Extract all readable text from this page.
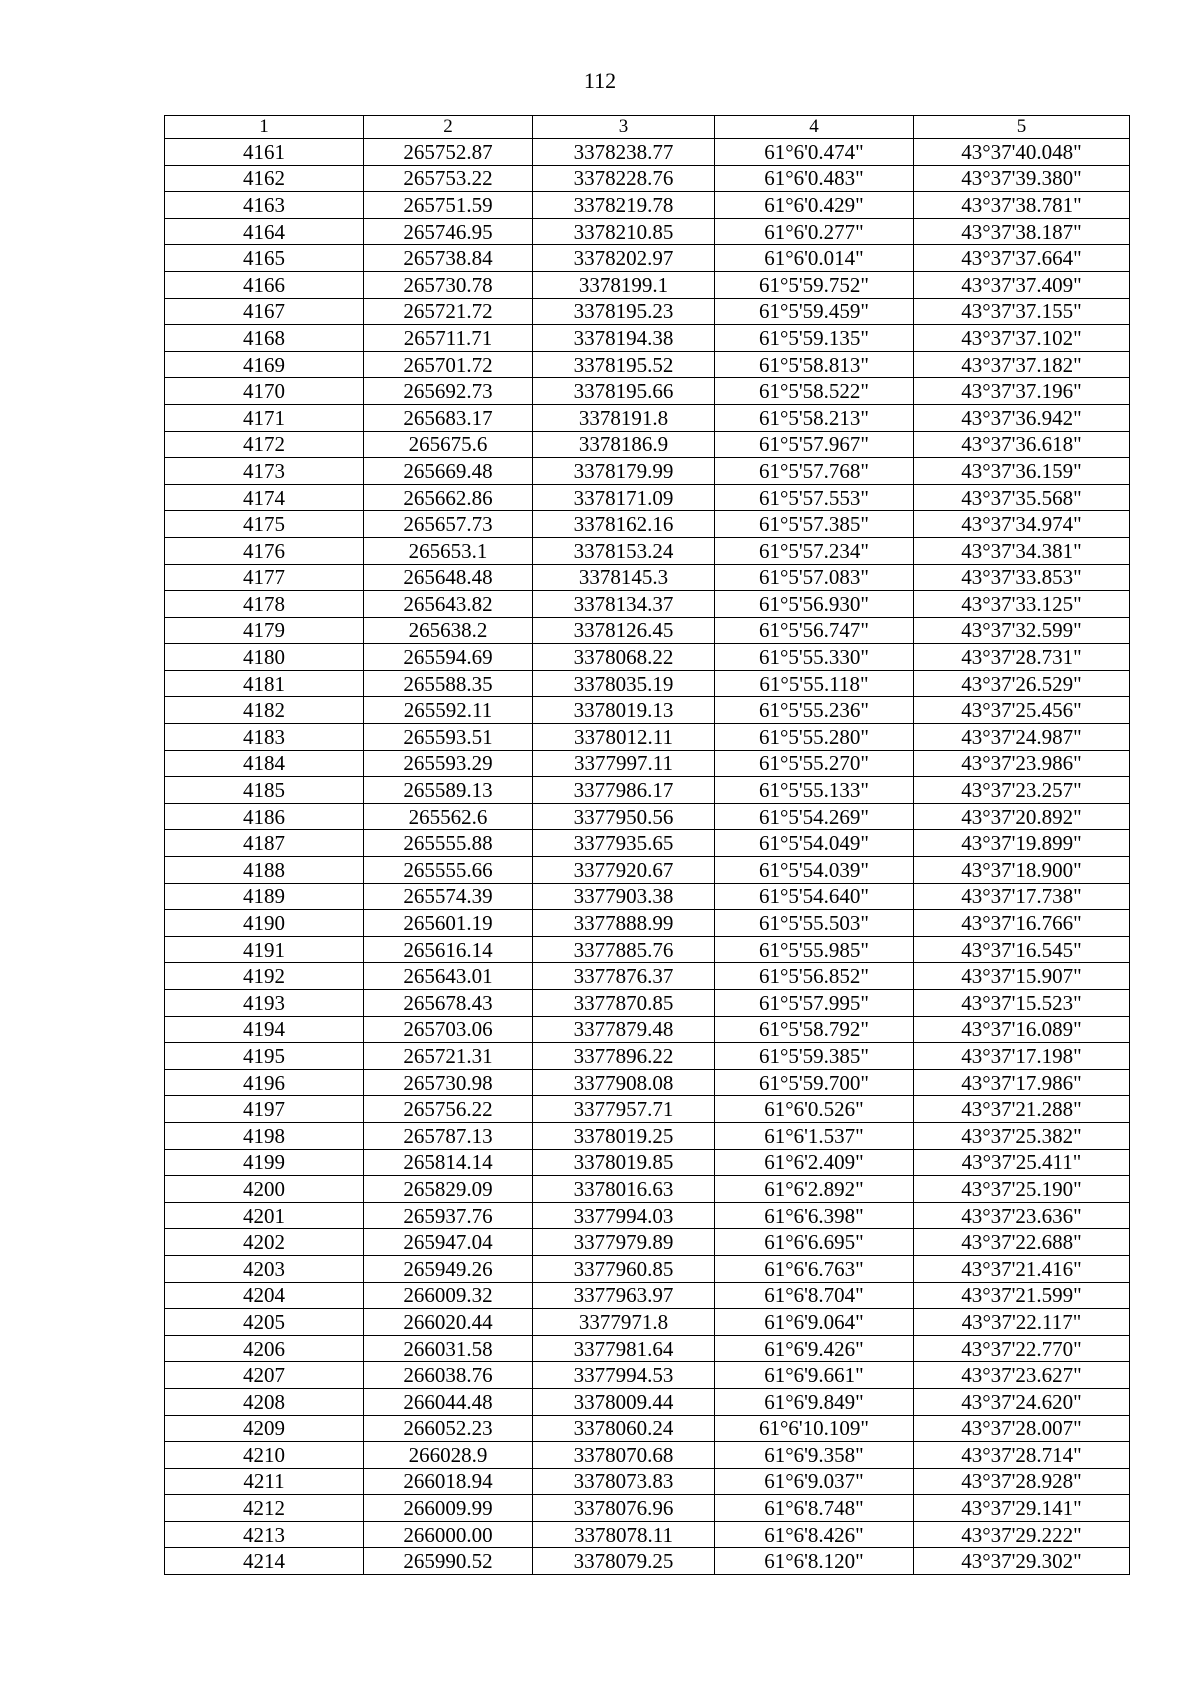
112
1	2	3	4	5
4161	265752.87	3378238.77	61°6'0.474"	43°37'40.048"
4162	265753.22	3378228.76	61°6'0.483"	43°37'39.380"
4163	265751.59	3378219.78	61°6'0.429"	43°37'38.781"
4164	265746.95	3378210.85	61°6'0.277"	43°37'38.187"
4165	265738.84	3378202.97	61°6'0.014"	43°37'37.664"
4166	265730.78	3378199.1	61°5'59.752"	43°37'37.409"
4167	265721.72	3378195.23	61°5'59.459"	43°37'37.155"
4168	265711.71	3378194.38	61°5'59.135"	43°37'37.102"
4169	265701.72	3378195.52	61°5'58.813"	43°37'37.182"
4170	265692.73	3378195.66	61°5'58.522"	43°37'37.196"
4171	265683.17	3378191.8	61°5'58.213"	43°37'36.942"
4172	265675.6	3378186.9	61°5'57.967"	43°37'36.618"
4173	265669.48	3378179.99	61°5'57.768"	43°37'36.159"
4174	265662.86	3378171.09	61°5'57.553"	43°37'35.568"
4175	265657.73	3378162.16	61°5'57.385"	43°37'34.974"
4176	265653.1	3378153.24	61°5'57.234"	43°37'34.381"
4177	265648.48	3378145.3	61°5'57.083"	43°37'33.853"
4178	265643.82	3378134.37	61°5'56.930"	43°37'33.125"
4179	265638.2	3378126.45	61°5'56.747"	43°37'32.599"
4180	265594.69	3378068.22	61°5'55.330"	43°37'28.731"
4181	265588.35	3378035.19	61°5'55.118"	43°37'26.529"
4182	265592.11	3378019.13	61°5'55.236"	43°37'25.456"
4183	265593.51	3378012.11	61°5'55.280"	43°37'24.987"
4184	265593.29	3377997.11	61°5'55.270"	43°37'23.986"
4185	265589.13	3377986.17	61°5'55.133"	43°37'23.257"
4186	265562.6	3377950.56	61°5'54.269"	43°37'20.892"
4187	265555.88	3377935.65	61°5'54.049"	43°37'19.899"
4188	265555.66	3377920.67	61°5'54.039"	43°37'18.900"
4189	265574.39	3377903.38	61°5'54.640"	43°37'17.738"
4190	265601.19	3377888.99	61°5'55.503"	43°37'16.766"
4191	265616.14	3377885.76	61°5'55.985"	43°37'16.545"
4192	265643.01	3377876.37	61°5'56.852"	43°37'15.907"
4193	265678.43	3377870.85	61°5'57.995"	43°37'15.523"
4194	265703.06	3377879.48	61°5'58.792"	43°37'16.089"
4195	265721.31	3377896.22	61°5'59.385"	43°37'17.198"
4196	265730.98	3377908.08	61°5'59.700"	43°37'17.986"
4197	265756.22	3377957.71	61°6'0.526"	43°37'21.288"
4198	265787.13	3378019.25	61°6'1.537"	43°37'25.382"
4199	265814.14	3378019.85	61°6'2.409"	43°37'25.411"
4200	265829.09	3378016.63	61°6'2.892"	43°37'25.190"
4201	265937.76	3377994.03	61°6'6.398"	43°37'23.636"
4202	265947.04	3377979.89	61°6'6.695"	43°37'22.688"
4203	265949.26	3377960.85	61°6'6.763"	43°37'21.416"
4204	266009.32	3377963.97	61°6'8.704"	43°37'21.599"
4205	266020.44	3377971.8	61°6'9.064"	43°37'22.117"
4206	266031.58	3377981.64	61°6'9.426"	43°37'22.770"
4207	266038.76	3377994.53	61°6'9.661"	43°37'23.627"
4208	266044.48	3378009.44	61°6'9.849"	43°37'24.620"
4209	266052.23	3378060.24	61°6'10.109"	43°37'28.007"
4210	266028.9	3378070.68	61°6'9.358"	43°37'28.714"
4211	266018.94	3378073.83	61°6'9.037"	43°37'28.928"
4212	266009.99	3378076.96	61°6'8.748"	43°37'29.141"
4213	266000.00	3378078.11	61°6'8.426"	43°37'29.222"
4214	265990.52	3378079.25	61°6'8.120"	43°37'29.302"
